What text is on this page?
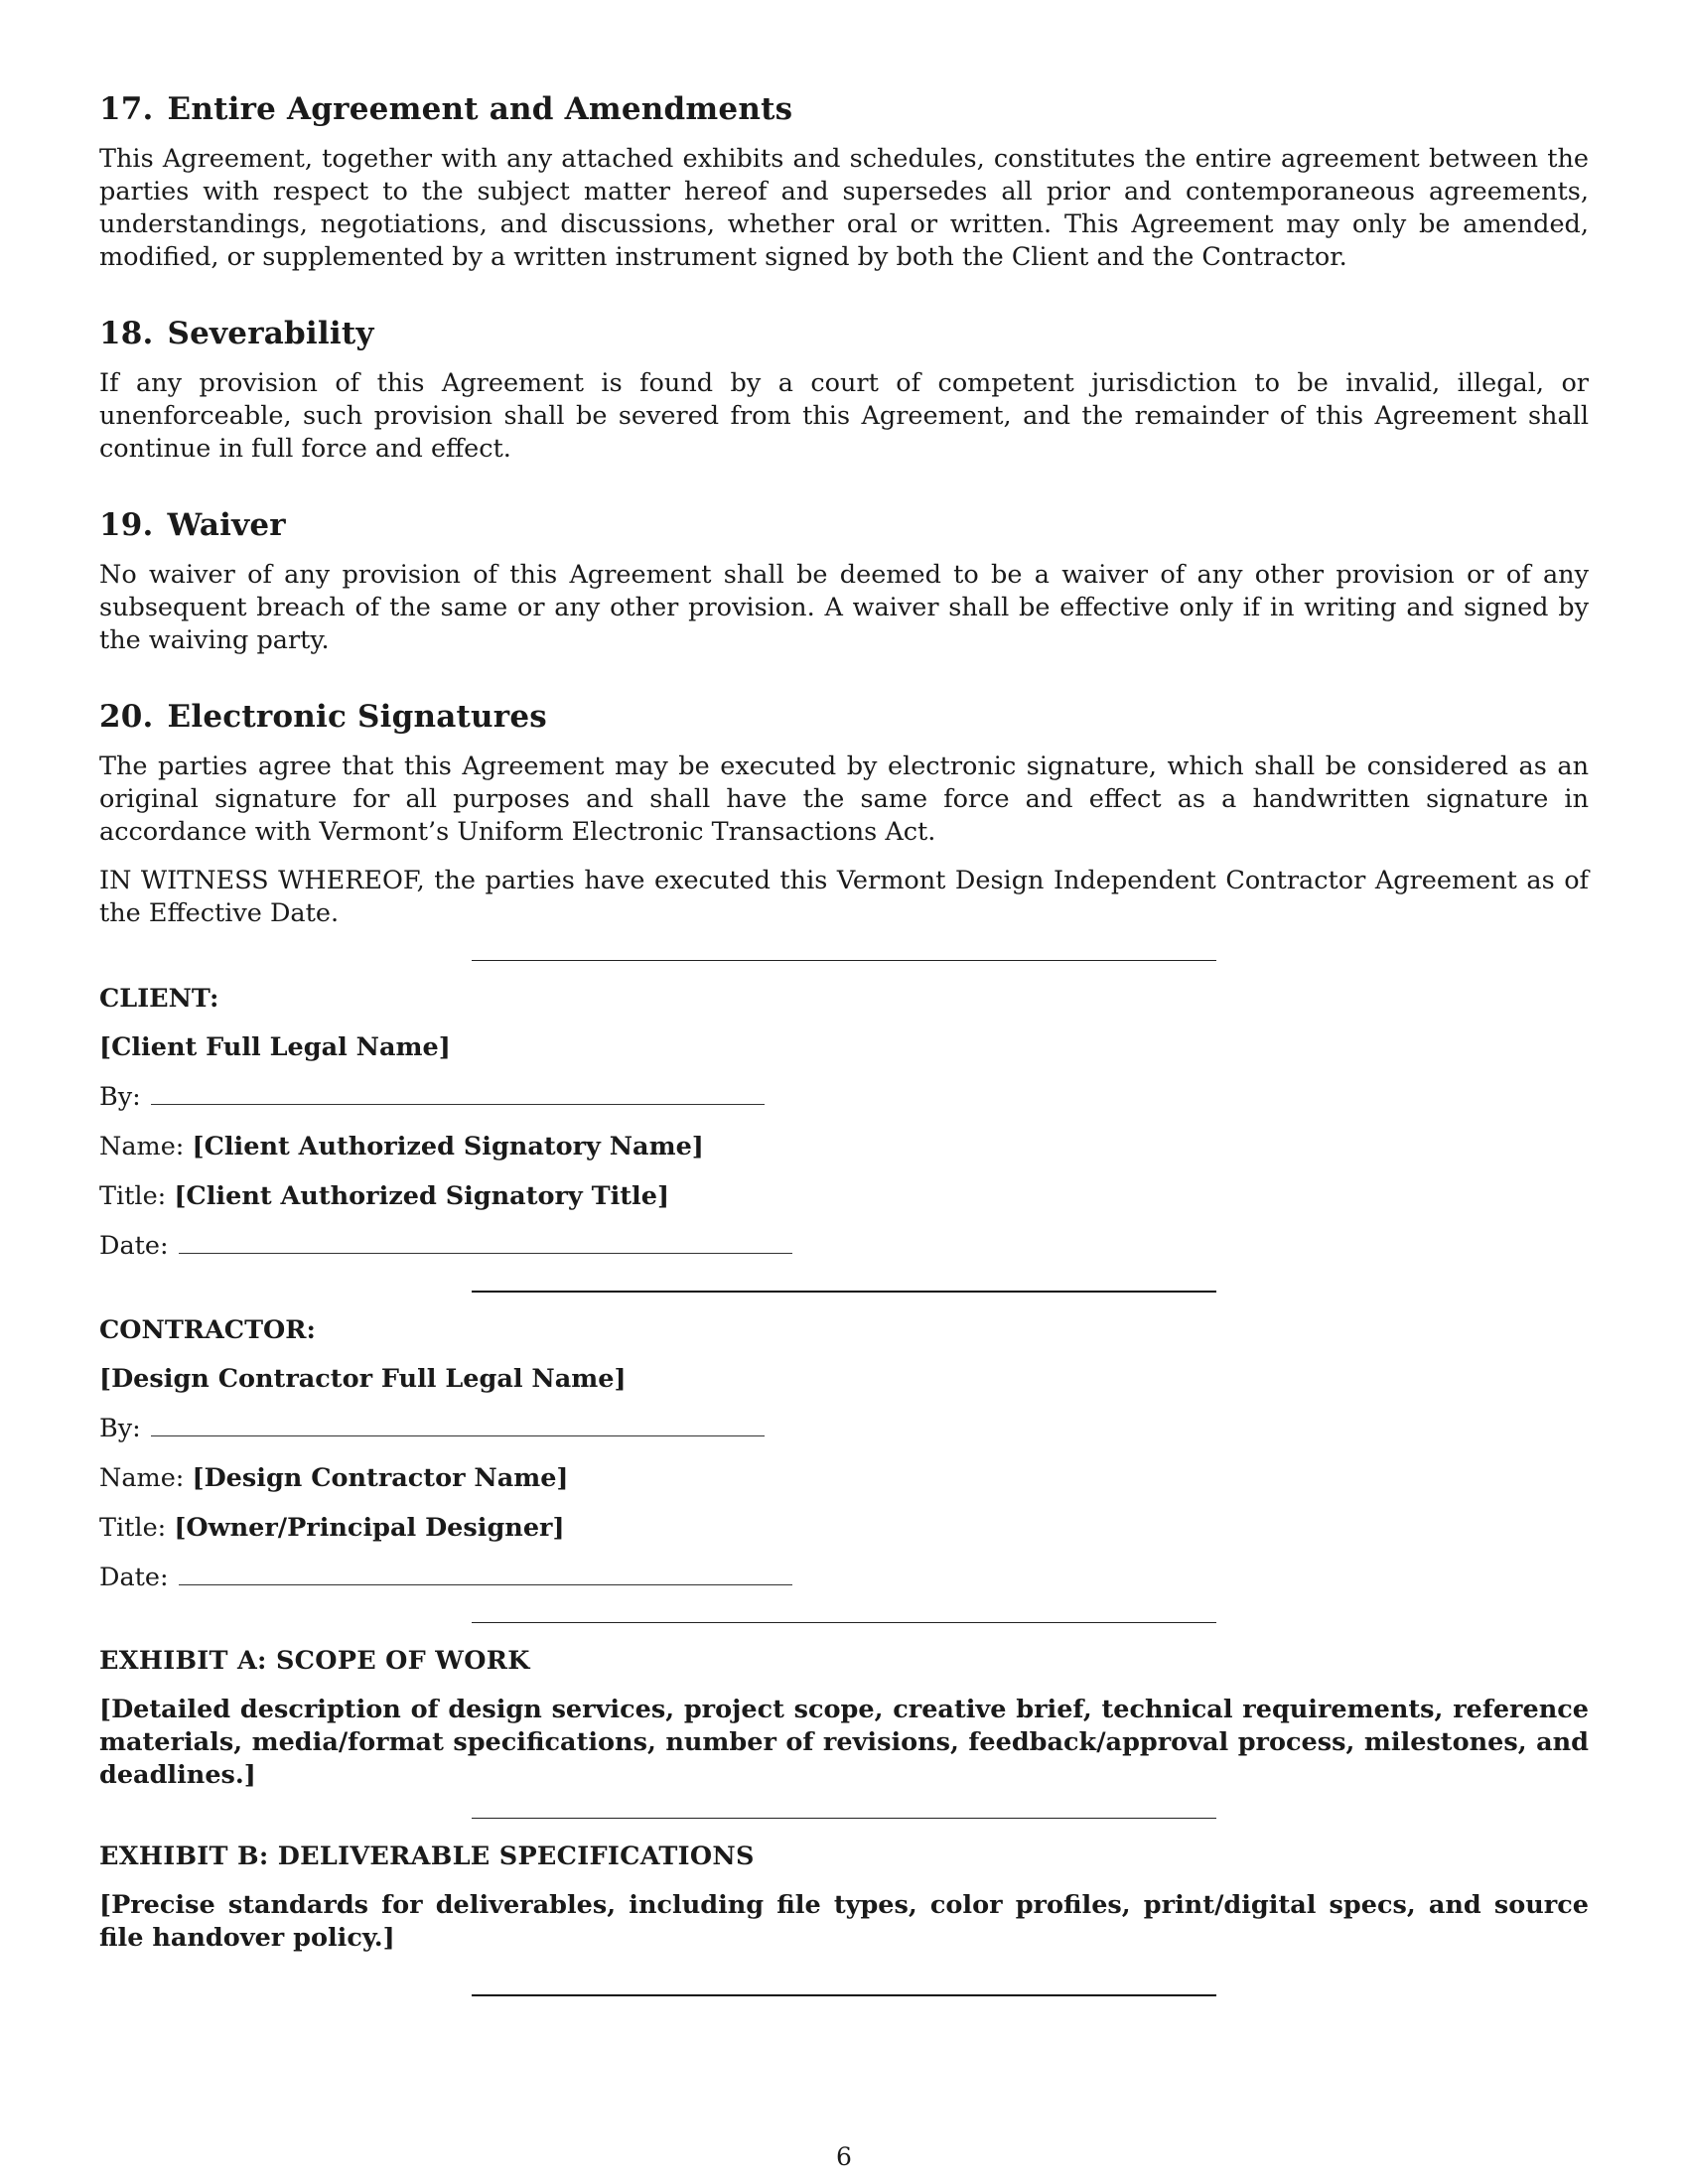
17. Entire Agreement and Amendments

This Agreement, together with any attached exhibits and schedules, constitutes the entire agreement between the parties with respect to the subject matter hereof and supersedes all prior and contemporaneous agreements, understandings, negotiations, and discussions, whether oral or written. This Agreement may only be amended, modified, or supplemented by a written instrument signed by both the Client and the Contractor.

18. Severability

If any provision of this Agreement is found by a court of competent jurisdiction to be invalid, illegal, or unenforceable, such provision shall be severed from this Agreement, and the remainder of this Agreement shall continue in full force and effect.

19. Waiver

No waiver of any provision of this Agreement shall be deemed to be a waiver of any other provision or of any subsequent breach of the same or any other provision. A waiver shall be effective only if in writing and signed by the waiving party.

20. Electronic Signatures

The parties agree that this Agreement may be executed by electronic signature, which shall be considered as an original signature for all purposes and shall have the same force and effect as a handwritten signature in accordance with Vermont’s Uniform Electronic Transactions Act.

IN WITNESS WHEREOF, the parties have executed this Vermont Design Independent Contractor Agreement as of the Effective Date.

CLIENT:

[Client Full Legal Name]

By:

Name: [Client Authorized Signatory Name]

Title: [Client Authorized Signatory Title]

Date:

CONTRACTOR:

[Design Contractor Full Legal Name]

By:

Name: [Design Contractor Name]

Title: [Owner/Principal Designer]

Date:

EXHIBIT A: SCOPE OF WORK

[Detailed description of design services, project scope, creative brief, technical requirements, reference materials, media/format specifications, number of revisions, feedback/approval process, milestones, and deadlines.]

EXHIBIT B: DELIVERABLE SPECIFICATIONS

[Precise standards for deliverables, including file types, color profiles, print/digital specs, and source file handover policy.]

6
